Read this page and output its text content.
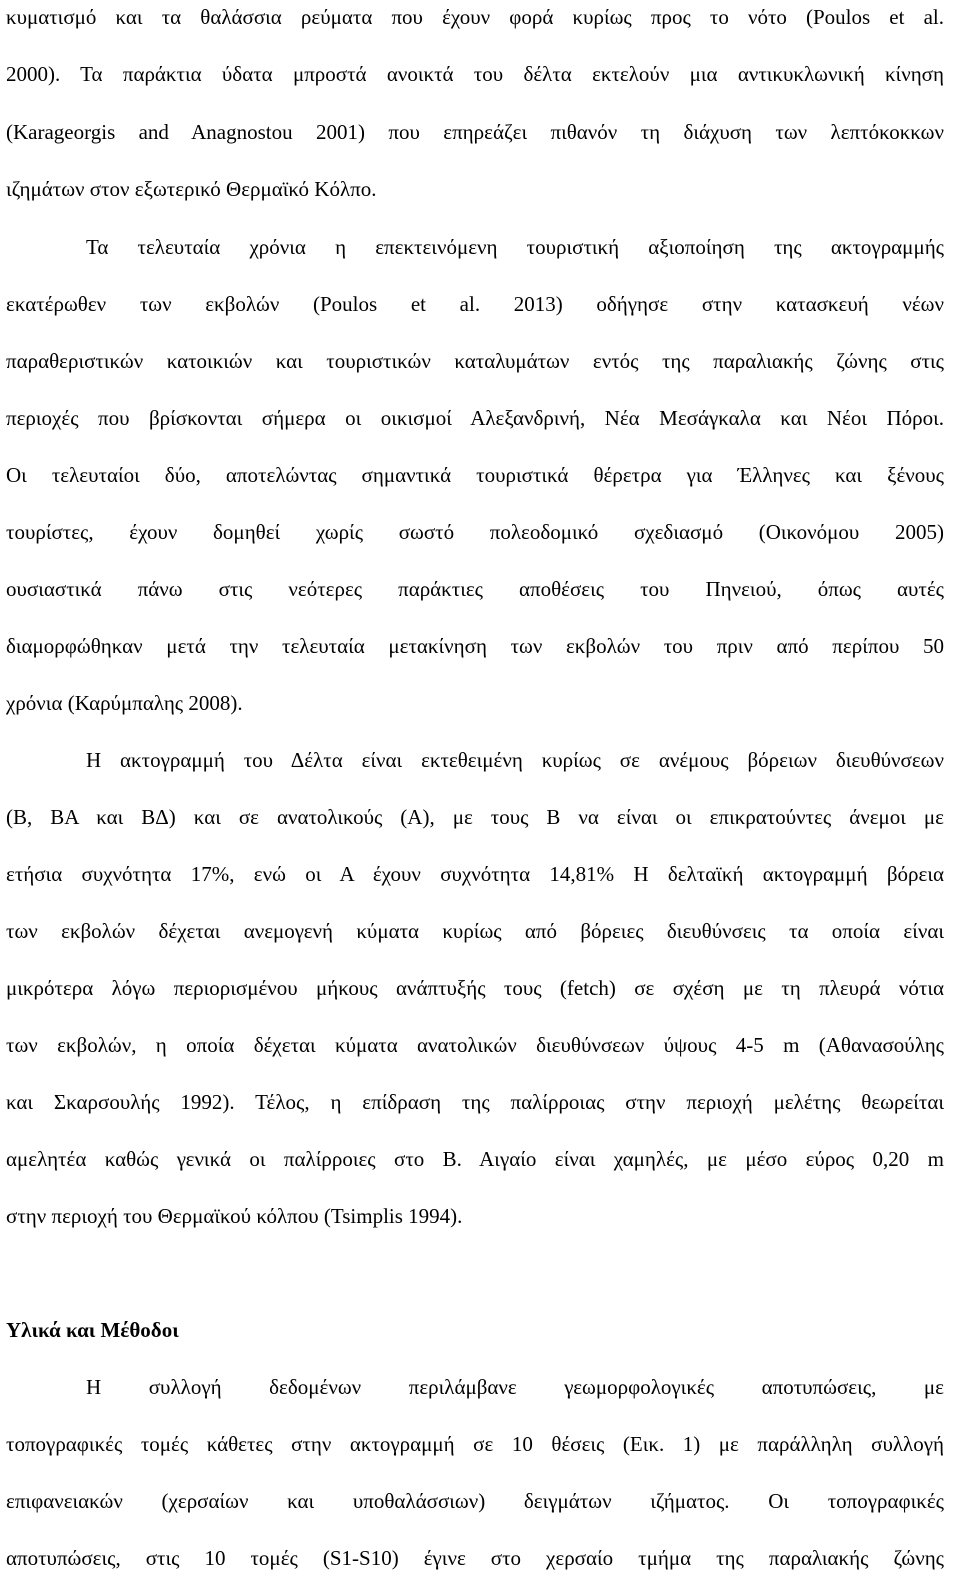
κυματισμό και τα θαλάσσια ρεύματα που έχουν φορά κυρίως προς το νότο (Poulos et al.
2000). Τα παράκτια ύδατα μπροστά ανοικτά του δέλτα εκτελούν μια αντικυκλωνική κίνηση
(Karageorgis and Anagnostou 2001) που επηρεάζει πιθανόν τη διάχυση των λεπτόκοκκων
ιζημάτων στον εξωτερικό Θερμαϊκό Κόλπο.
Τα τελευταία χρόνια η επεκτεινόμενη τουριστική αξιοποίηση της ακτογραμμής
εκατέρωθεν των εκβολών (Poulos et al. 2013) οδήγησε στην κατασκευή νέων
παραθεριστικών κατοικιών και τουριστικών καταλυμάτων εντός της παραλιακής ζώνης στις
περιοχές που βρίσκονται σήμερα οι οικισμοί Αλεξανδρινή, Νέα Μεσάγκαλα και Νέοι Πόροι.
Οι τελευταίοι δύο, αποτελώντας σημαντικά τουριστικά θέρετρα για Έλληνες και ξένους
τουρίστες, έχουν δομηθεί χωρίς σωστό πολεοδομικό σχεδιασμό (Οικονόμου 2005)
ουσιαστικά πάνω στις νεότερες παράκτιες αποθέσεις του Πηνειού, όπως αυτές
διαμορφώθηκαν μετά την τελευταία μετακίνηση των εκβολών του πριν από περίπου 50
χρόνια (Καρύμπαλης 2008).
Η ακτογραμμή του Δέλτα είναι εκτεθειμένη κυρίως σε ανέμους βόρειων διευθύνσεων
(Β, ΒΑ και ΒΔ) και σε ανατολικούς (Α), με τους Β να είναι οι επικρατούντες άνεμοι με
ετήσια συχνότητα 17%, ενώ οι Α έχουν συχνότητα 14,81% Η δελταϊκή ακτογραμμή βόρεια
των εκβολών δέχεται ανεμογενή κύματα κυρίως από βόρειες διευθύνσεις τα οποία είναι
μικρότερα λόγω περιορισμένου μήκους ανάπτυξής τους (fetch) σε σχέση με τη πλευρά νότια
των εκβολών, η οποία δέχεται κύματα ανατολικών διευθύνσεων ύψους 4-5 m (Αθανασούλης
και Σκαρσουλής 1992). Τέλος, η επίδραση της παλίρροιας στην περιοχή μελέτης θεωρείται
αμελητέα καθώς γενικά οι παλίρροιες στο Β. Αιγαίο είναι χαμηλές, με μέσο εύρος 0,20 m
στην περιοχή του Θερμαϊκού κόλπου (Tsimplis 1994).
Υλικά και Μέθοδοι
Η συλλογή δεδομένων περιλάμβανε γεωμορφολογικές αποτυπώσεις, με
τοπογραφικές τομές κάθετες στην ακτογραμμή σε 10 θέσεις (Εικ. 1) με παράλληλη συλλογή
επιφανειακών (χερσαίων και υποθαλάσσιων) δειγμάτων ιζήματος. Οι τοπογραφικές
αποτυπώσεις, στις 10 τομές (S1-S10) έγινε στο χερσαίο τμήμα της παραλιακής ζώνης
